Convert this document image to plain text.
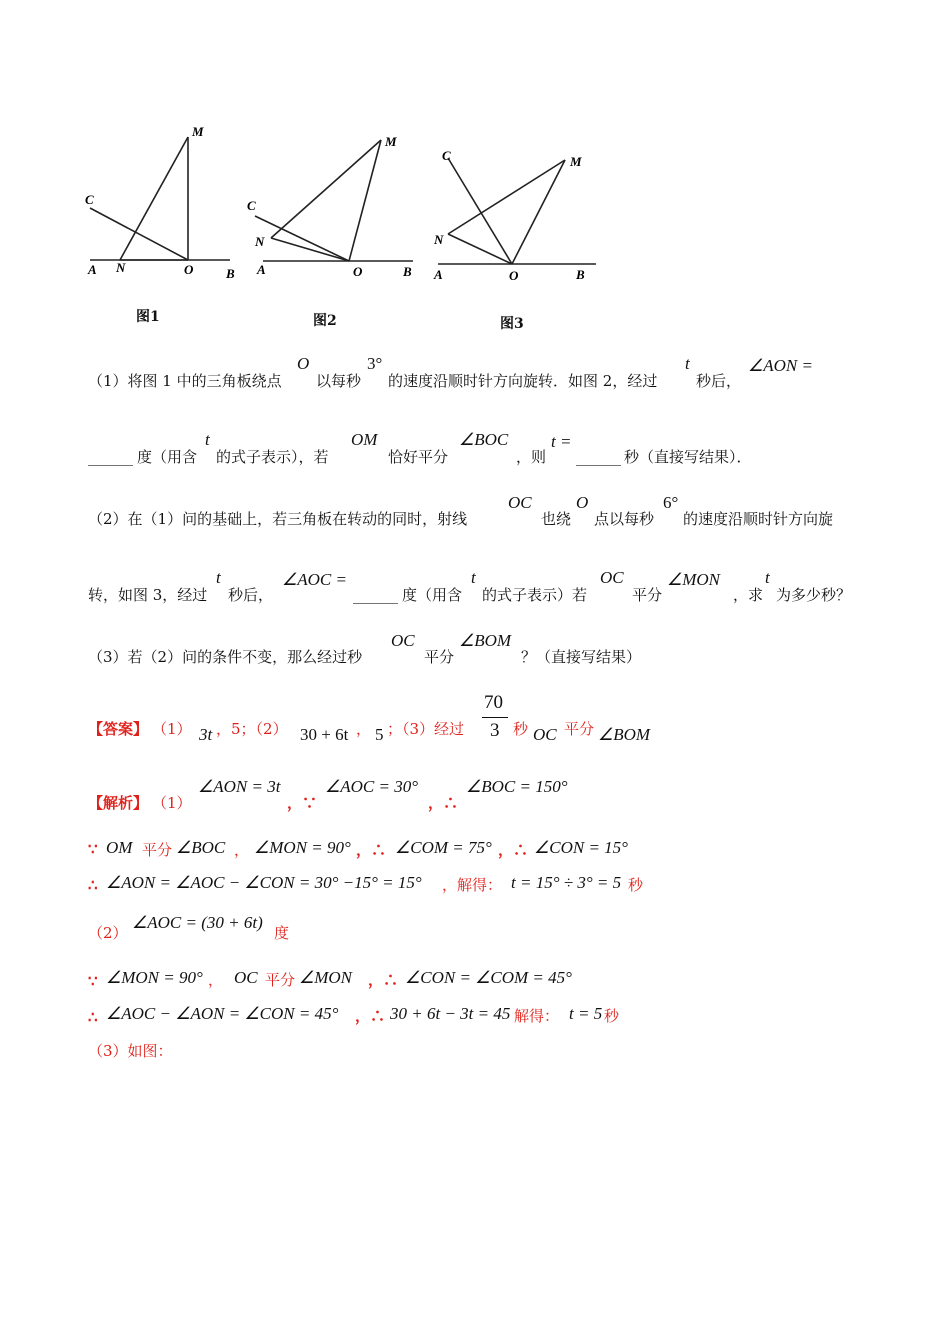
M
C
N
A	O	B
图1
M
C
N
A	O	B
图2
C	M
N
A	O	B
图3
（1）将图 1 中的三角板绕点
O
以每秒
3°
的速度沿顺时针方向旋转．如图 2，经过
t
秒后，
∠AON =
______ 度（用含
t
的式子表示），若
OM
恰好平分
∠BOC
，则
t =
______ 秒（直接写结果）．
（2）在（1）问的基础上，若三角板在转动的同时，射线
OC
也绕
O
点以每秒
6°
的速度沿顺时针方向旋
转，如图 3，经过
t
秒后，
∠AOC =
______ 度（用含
t
的式子表示）若
OC
平分
∠MON
，求
t
为多少秒？
（3）若（2）问的条件不变，那么经过秒
OC
平分
∠BOM
？（直接写结果）
【答案】 （1） 3t ，5；（2） 30 + 6t ， 5 ；（3）经过
70
3 秒 OC 平分 ∠BOM
【解析】 （1）
∠AON = 3t
，∵
∠AOC = 30°
，∴
∠BOC = 150°
∵ OM 平分 ∠BOC ， ∠MON = 90° ，∴ ∠COM = 75° ，∴ ∠CON = 15°
∴ ∠AON = ∠AOC − ∠CON = 30° −15° = 15° ，解得： t = 15° ÷ 3° = 5 秒
（2）
∠AOC = (30 + 6t)
度
∵ ∠MON = 90° ， OC 平分 ∠MON ，∴ ∠CON = ∠COM = 45°
∴ ∠AOC − ∠AON = ∠CON = 45° ，∴ 30 + 6t − 3t = 45 解得： t = 5 秒
（3）如图：
